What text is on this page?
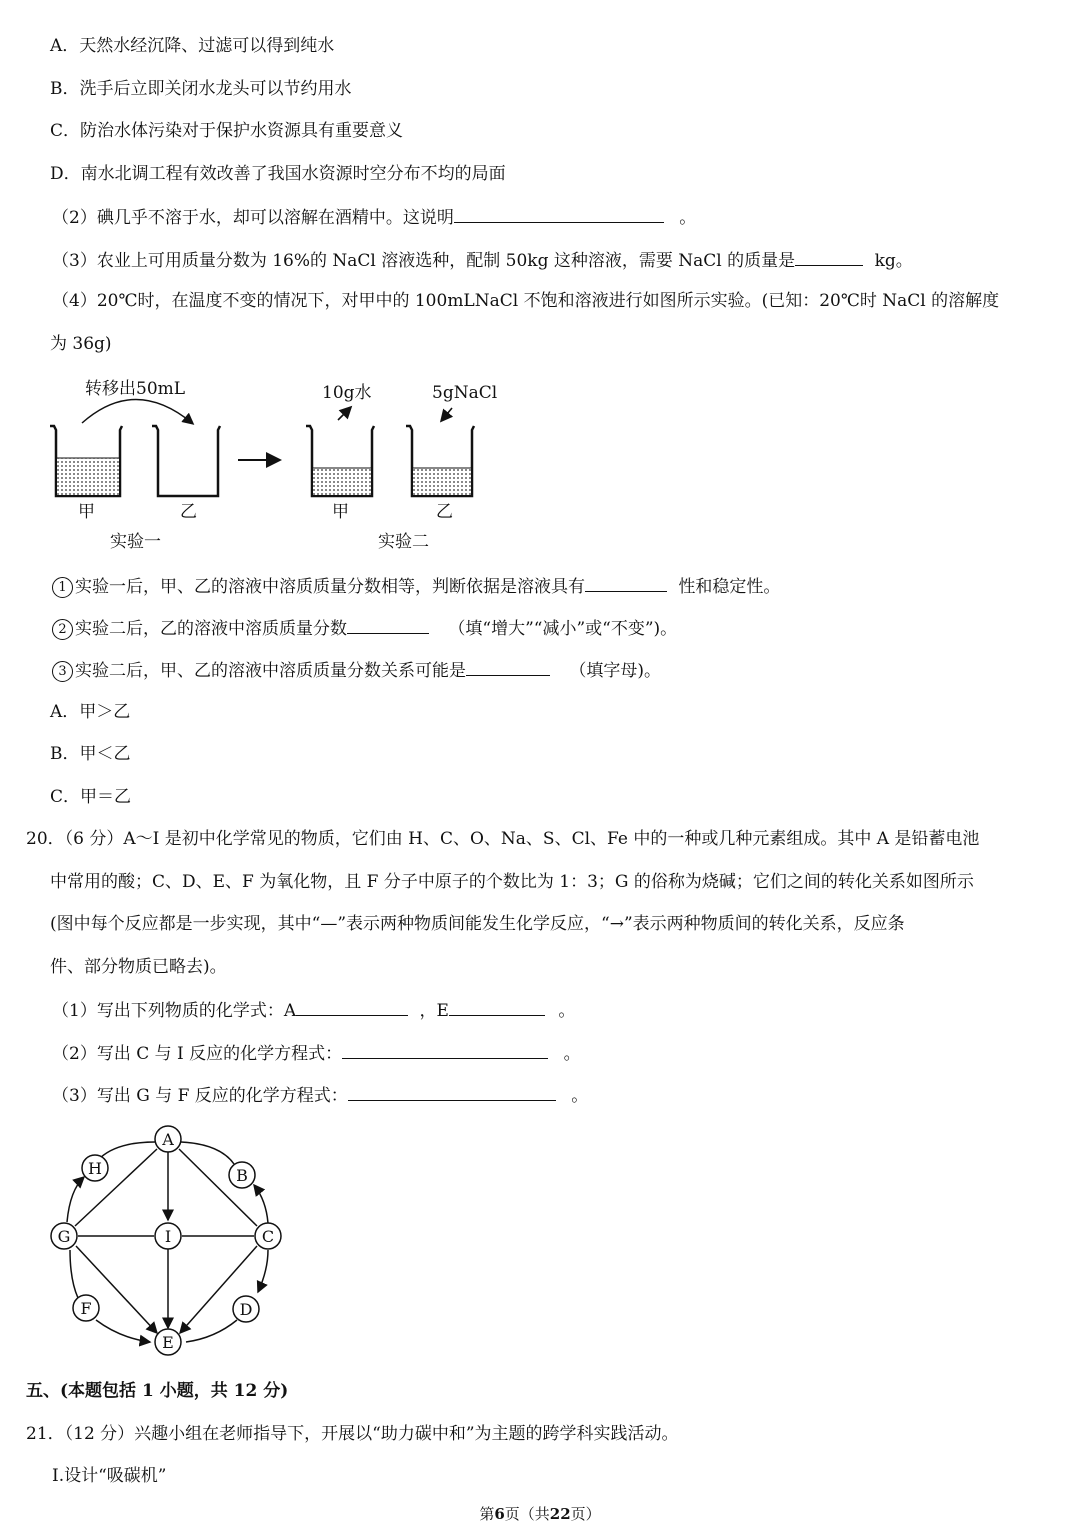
A．天然水经沉降、过滤可以得到纯水
B．洗手后立即关闭水龙头可以节约用水
C．防治水体污染对于保护水资源具有重要意义
D．南水北调工程有效改善了我国水资源时空分布不均的局面
（2）碘几乎不溶于水，却可以溶解在酒精中。这说明	。
（3）农业上可用质量分数为 16%的 NaCl 溶液选种，配制 50kg 这种溶液，需要 NaCl 的质量是	kg。
（4）20℃时，在温度不变的情况下，对甲中的 100mLNaCl 不饱和溶液进行如图所示实验。(已知：20℃时 NaCl 的溶解度
为 36g)
转移出50mL
甲	乙
实验一
10g水	5gNaCl
甲	乙
实验二
1 实验一后，甲、乙的溶液中溶质质量分数相等，判断依据是溶液具有	性和稳定性。
2 实验二后，乙的溶液中溶质质量分数	（填“增大”“减小”或“不变”)。
3 实验二后，甲、乙的溶液中溶质质量分数关系可能是	（填字母)。
A．甲＞乙
B．甲＜乙
C．甲＝乙
20．（6 分）A～I 是初中化学常见的物质，它们由 H、C、O、Na、S、Cl、Fe 中的一种或几种元素组成。其中 A 是铅蓄电池
中常用的酸；C、D、E、F 为氧化物，且 F 分子中原子的个数比为 1：3；G 的俗称为烧碱；它们之间的转化关系如图所示
(图中每个反应都是一步实现，其中“—”表示两种物质间能发生化学反应，“→”表示两种物质间的转化关系，反应条
件、部分物质已略去)。
（1）写出下列物质的化学式：A	，E	。
（2）写出 C 与 I 反应的化学方程式：	。
（3）写出 G 与 F 反应的化学方程式：	。
A
B
C
D
E
F
G
H
I
五、(本题包括 1 小题，共 12 分)
21．（12 分）兴趣小组在老师指导下，开展以“助力碳中和”为主题的跨学科实践活动。
Ⅰ.设计“吸碳机”
第6页（共22页）
